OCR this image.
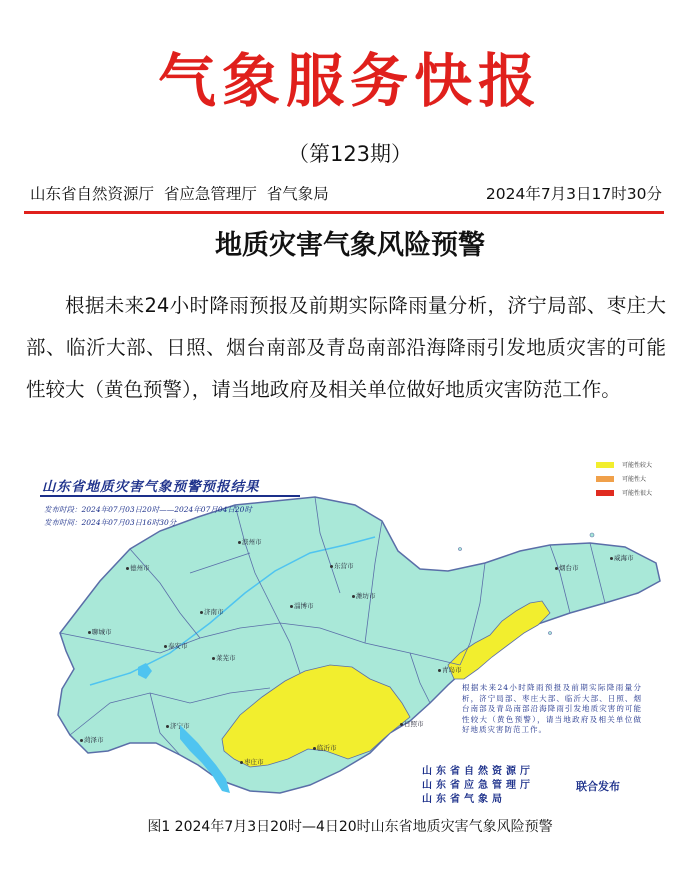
气象服务快报
（第123期）
山东省自然资源厅  省应急管理厅  省气象局	2024年7月3日17时30分
地质灾害气象风险预警
根据未来24小时降雨预报及前期实际降雨量分析，济宁局部、枣庄大部、临沂大部、日照、烟台南部及青岛南部沿海降雨引发地质灾害的可能性较大（黄色预警），请当地政府及相关单位做好地质灾害防范工作。
山东省地质灾害气象预警预报结果
发布时段：2024年07月03日20时——2024年07月04日20时
发布时间：2024年07月03日16时30分
可能性较大
可能性大
可能性很大
德州市
滨州市
东营市
潍坊市
烟台市
威海市
济南市
淄博市
聊城市
泰安市
青岛市
莱芜市
菏泽市
济宁市	日照市
临沂市
枣庄市
根据未来24小时降雨预报及前期实际降雨量分析，济宁局部、枣庄大部、临沂大部、日照、烟台南部及青岛南部沿海降雨引发地质灾害的可能性较大（黄色预警），请当地政府及相关单位做好地质灾害防范工作。
山东省自然资源厅
山东省应急管理厅
山东省气象局
联合发布
图1 2024年7月3日20时—4日20时山东省地质灾害气象风险预警
